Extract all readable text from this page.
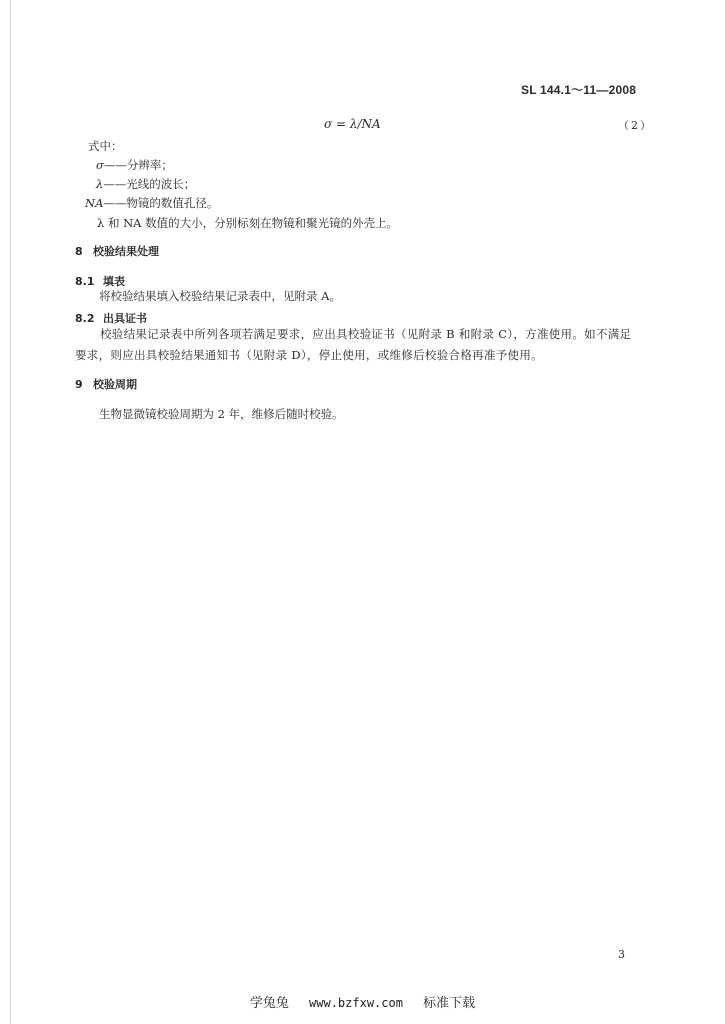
SL 144.1～11—2008
σ = λ/NA	（2）
式中：
σ——分辨率；
λ——光线的波长；
NA——物镜的数值孔径。
λ 和 NA 数值的大小，分别标刻在物镜和聚光镜的外壳上。
8 校验结果处理
8.1 填表
将校验结果填入校验结果记录表中，见附录 A。
8.2 出具证书
校验结果记录表中所列各项若满足要求，应出具校验证书（见附录 B 和附录 C），方准使用。如不满足要求，则应出具校验结果通知书（见附录 D），停止使用，或维修后校验合格再准予使用。
9 校验周期
生物显微镜校验周期为 2 年，维修后随时校验。
3
学兔兔 www.bzfxw.com 标准下载
